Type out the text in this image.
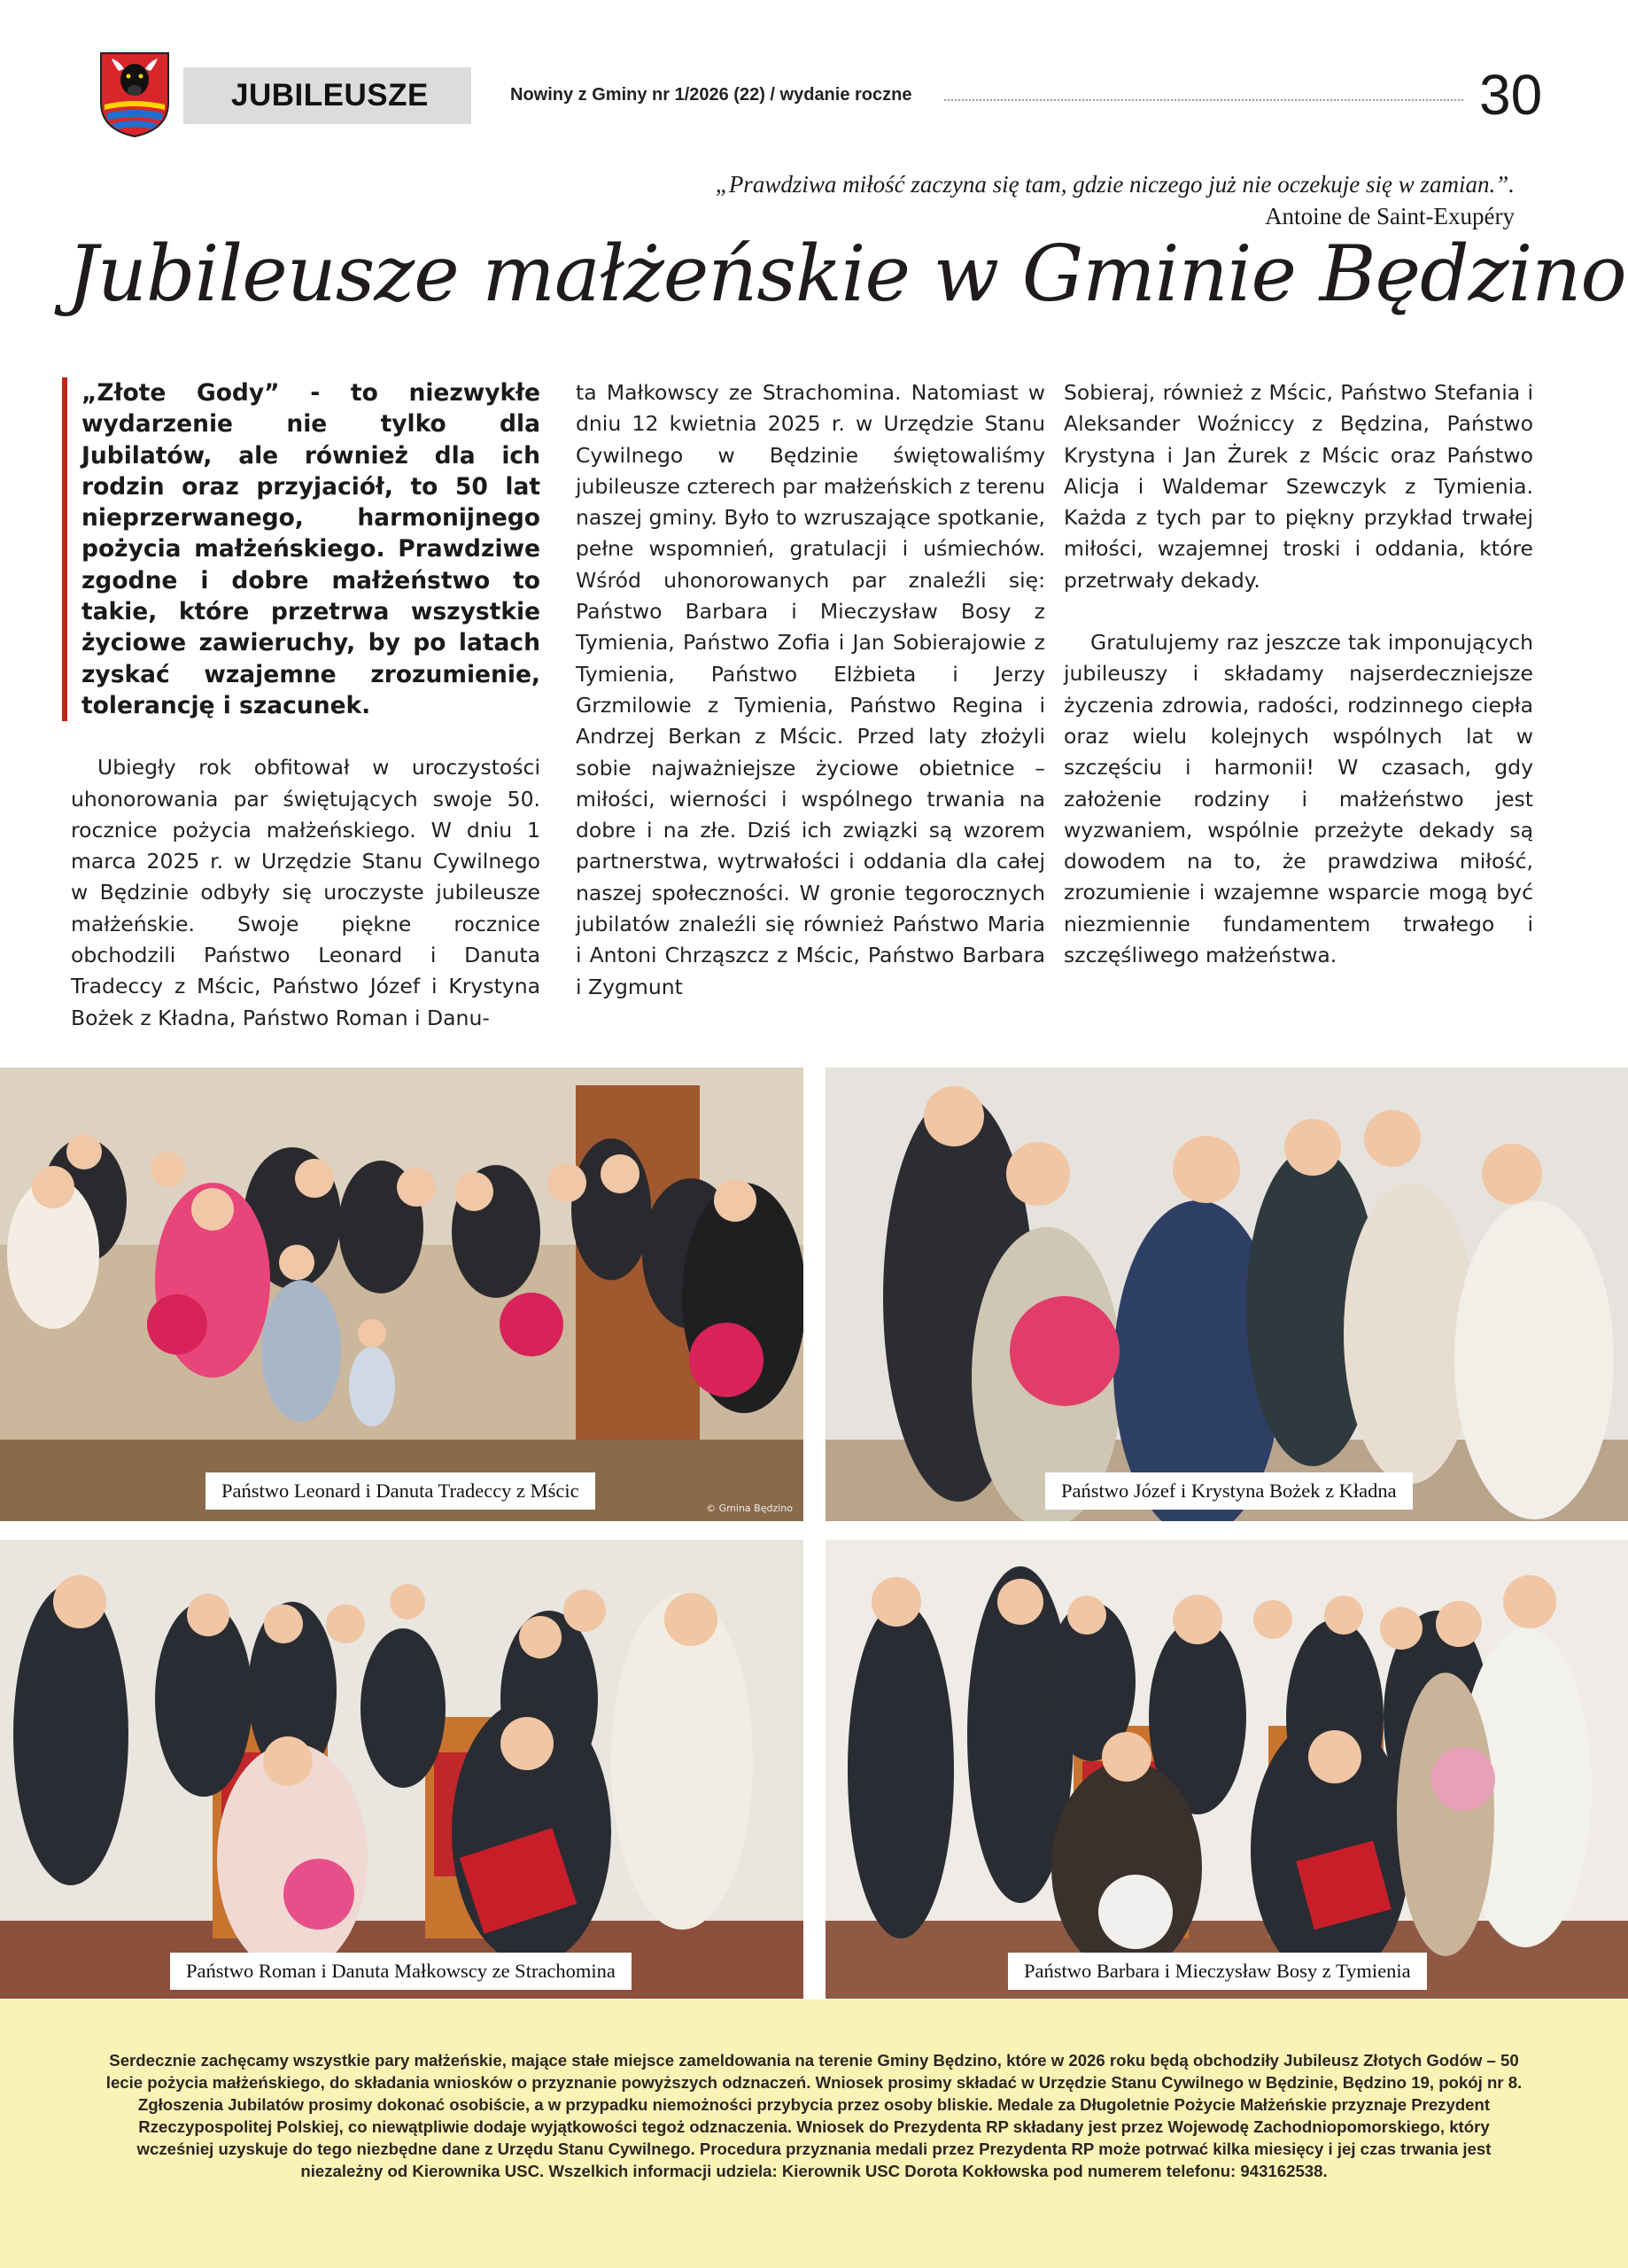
JUBILEUSZE	Nowiny z Gminy nr 1/2026 (22) / wydanie roczne	30
„Prawdziwa miłość zaczyna się tam, gdzie niczego już nie oczekuje się w zamian.”.
Antoine de Saint-Exupéry
Jubileusze małżeńskie w Gminie Będzino
„Złote Gody” - to niezwykłe wydarzenie nie tylko dla Jubilatów, ale również dla ich rodzin oraz przyjaciół, to 50 lat nieprzerwanego, harmonijnego pożycia małżeńskiego. Prawdziwe zgodne i dobre małżeństwo to takie, które przetrwa wszystkie życiowe zawieruchy, by po latach zyskać wzajemne zrozumienie, tolerancję i szacunek.

Ubiegły rok obfitował w uroczystości uhonorowania par świętujących swoje 50. rocznice pożycia małżeńskiego. W dniu 1 marca 2025 r. w Urzędzie Stanu Cywilnego w Będzinie odbyły się uroczyste jubileusze małżeńskie. Swoje piękne rocznice obchodzili Państwo Leonard i Danuta Tradeccy z Mścic, Państwo Józef i Krystyna Bożek z Kładna, Państwo Roman i Danu-

ta Małkowscy ze Strachomina. Natomiast w dniu 12 kwietnia 2025 r. w Urzędzie Stanu Cywilnego w Będzinie świętowaliśmy jubileusze czterech par małżeńskich z terenu naszej gminy. Było to wzruszające spotkanie, pełne wspomnień, gratulacji i uśmiechów. Wśród uhonorowanych par znaleźli się: Państwo Barbara i Mieczysław Bosy z Tymienia, Państwo Zofia i Jan Sobierajowie z Tymienia, Państwo Elżbieta i Jerzy Grzmilowie z Tymienia, Państwo Regina i Andrzej Berkan z Mścic. Przed laty złożyli sobie najważniejsze życiowe obietnice – miłości, wierności i wspólnego trwania na dobre i na złe. Dziś ich związki są wzorem partnerstwa, wytrwałości i oddania dla całej naszej społeczności. W gronie tegorocznych jubilatów znaleźli się również Państwo Maria i Antoni Chrząszcz z Mścic, Państwo Barbara i Zygmunt

Sobieraj, również z Mścic, Państwo Stefania i Aleksander Woźniccy z Będzina, Państwo Krystyna i Jan Żurek z Mścic oraz Państwo Alicja i Waldemar Szewczyk z Tymienia. Każda z tych par to piękny przykład trwałej miłości, wzajemnej troski i oddania, które przetrwały dekady.

Gratulujemy raz jeszcze tak imponujących jubileuszy i składamy najserdeczniejsze życzenia zdrowia, radości, rodzinnego ciepła oraz wielu kolejnych wspólnych lat w szczęściu i harmonii! W czasach, gdy założenie rodziny i małżeństwo jest wyzwaniem, wspólnie przeżyte dekady są dowodem na to, że prawdziwa miłość, zrozumienie i wzajemne wsparcie mogą być niezmiennie fundamentem trwałego i szczęśliwego małżeństwa.

Państwo Leonard i Danuta Tradeccy z Mścic
© Gmina Będzino
Państwo Józef i Krystyna Bożek z Kładna
Państwo Roman i Danuta Małkowscy ze Strachomina	Państwo Barbara i Mieczysław Bosy z Tymienia
Serdecznie zachęcamy wszystkie pary małżeńskie, mające stałe miejsce zameldowania na terenie Gminy Będzino, które w 2026 roku będą obchodziły Jubileusz Złotych Godów – 50 lecie pożycia małżeńskiego, do składania wniosków o przyznanie powyższych odznaczeń. Wniosek prosimy składać w Urzędzie Stanu Cywilnego w Będzinie, Będzino 19, pokój nr 8. Zgłoszenia Jubilatów prosimy dokonać osobiście, a w przypadku niemożności przybycia przez osoby bliskie. Medale za Długoletnie Pożycie Małżeńskie przyznaje Prezydent Rzeczypospolitej Polskiej, co niewątpliwie dodaje wyjątkowości tegoż odznaczenia. Wniosek do Prezydenta RP składany jest przez Wojewodę Zachodniopomorskiego, który wcześniej uzyskuje do tego niezbędne dane z Urzędu Stanu Cywilnego. Procedura przyznania medali przez Prezydenta RP może potrwać kilka miesięcy i jej czas trwania jest niezależny od Kierownika USC. Wszelkich informacji udziela: Kierownik USC Dorota Kokłowska pod numerem telefonu: 943162538.
